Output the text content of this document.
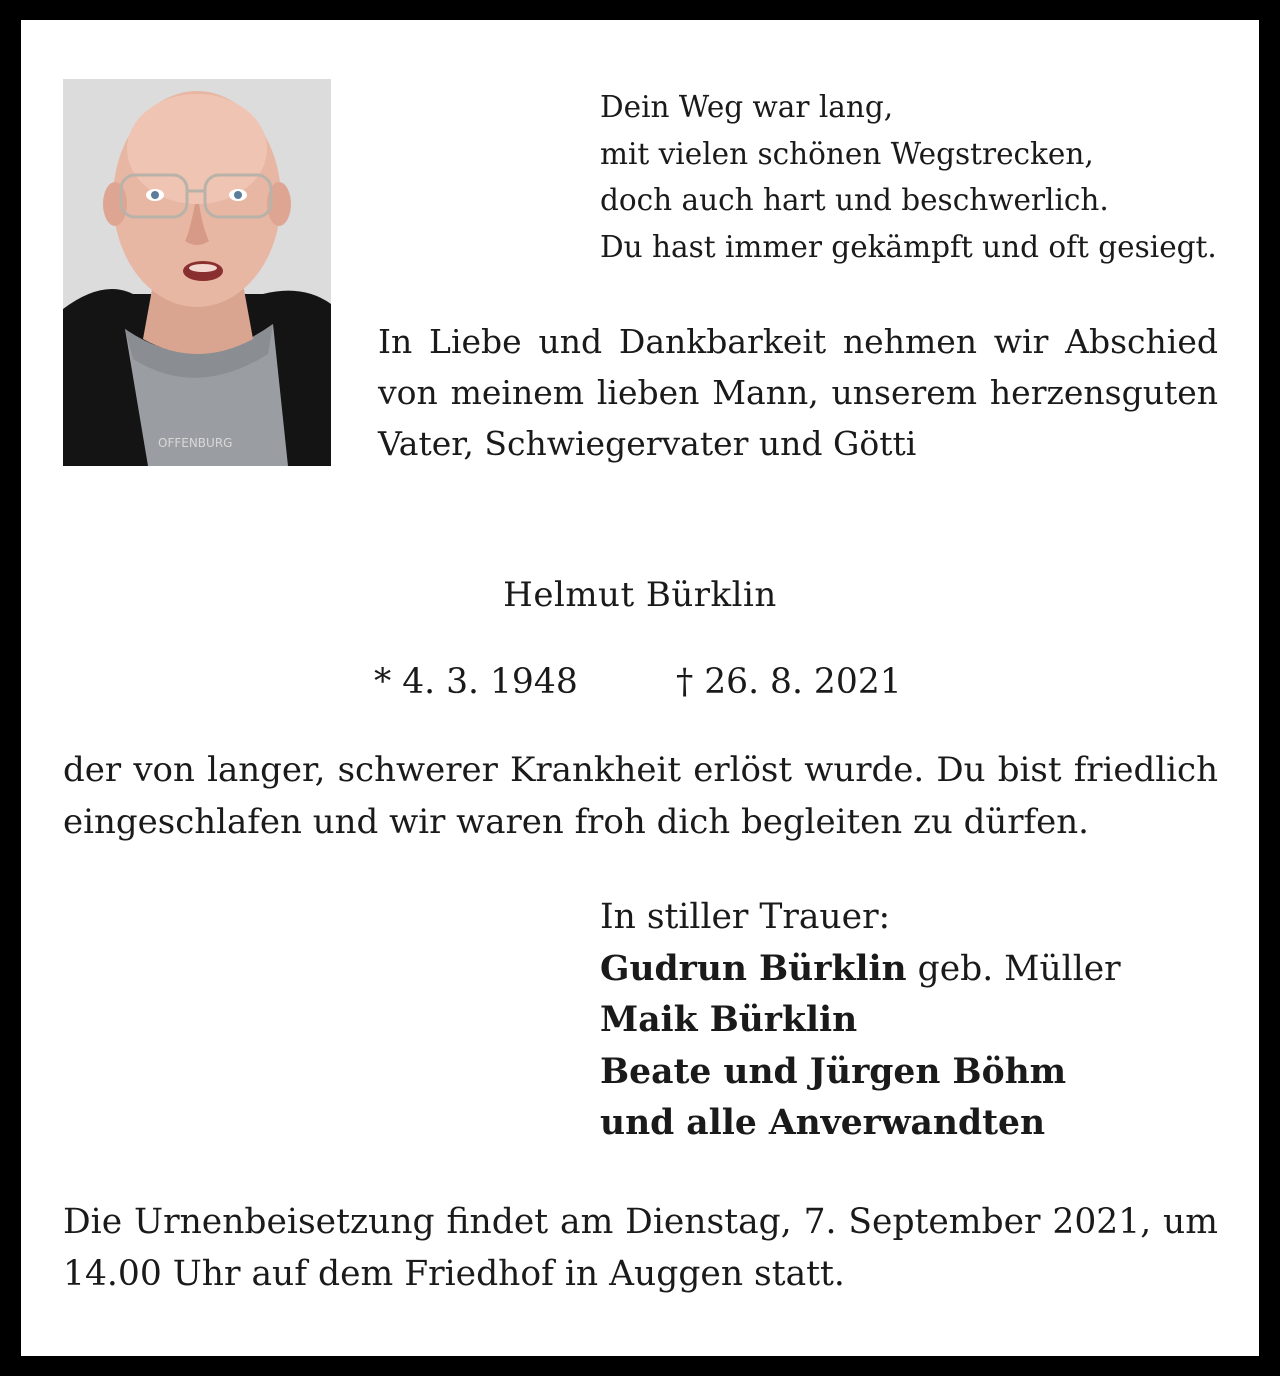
OFFENBURG
Dein Weg war lang,
mit vielen schönen Wegstrecken,
doch auch hart und beschwerlich.
Du hast immer gekämpft und oft gesiegt.
In Liebe und Dankbarkeit nehmen wir Abschied
von meinem lieben Mann, unserem herzensguten
Vater, Schwiegervater und Götti
Helmut Bürklin
* 4. 3. 1948	† 26. 8. 2021
der von langer, schwerer Krankheit erlöst wurde. Du bist friedlich
eingeschlafen und wir waren froh dich begleiten zu dürfen.
In stiller Trauer:
Gudrun Bürklin geb. Müller
Maik Bürklin
Beate und Jürgen Böhm
und alle Anverwandten
Die Urnenbeisetzung findet am Dienstag, 7. September 2021, um
14.00 Uhr auf dem Friedhof in Auggen statt.
